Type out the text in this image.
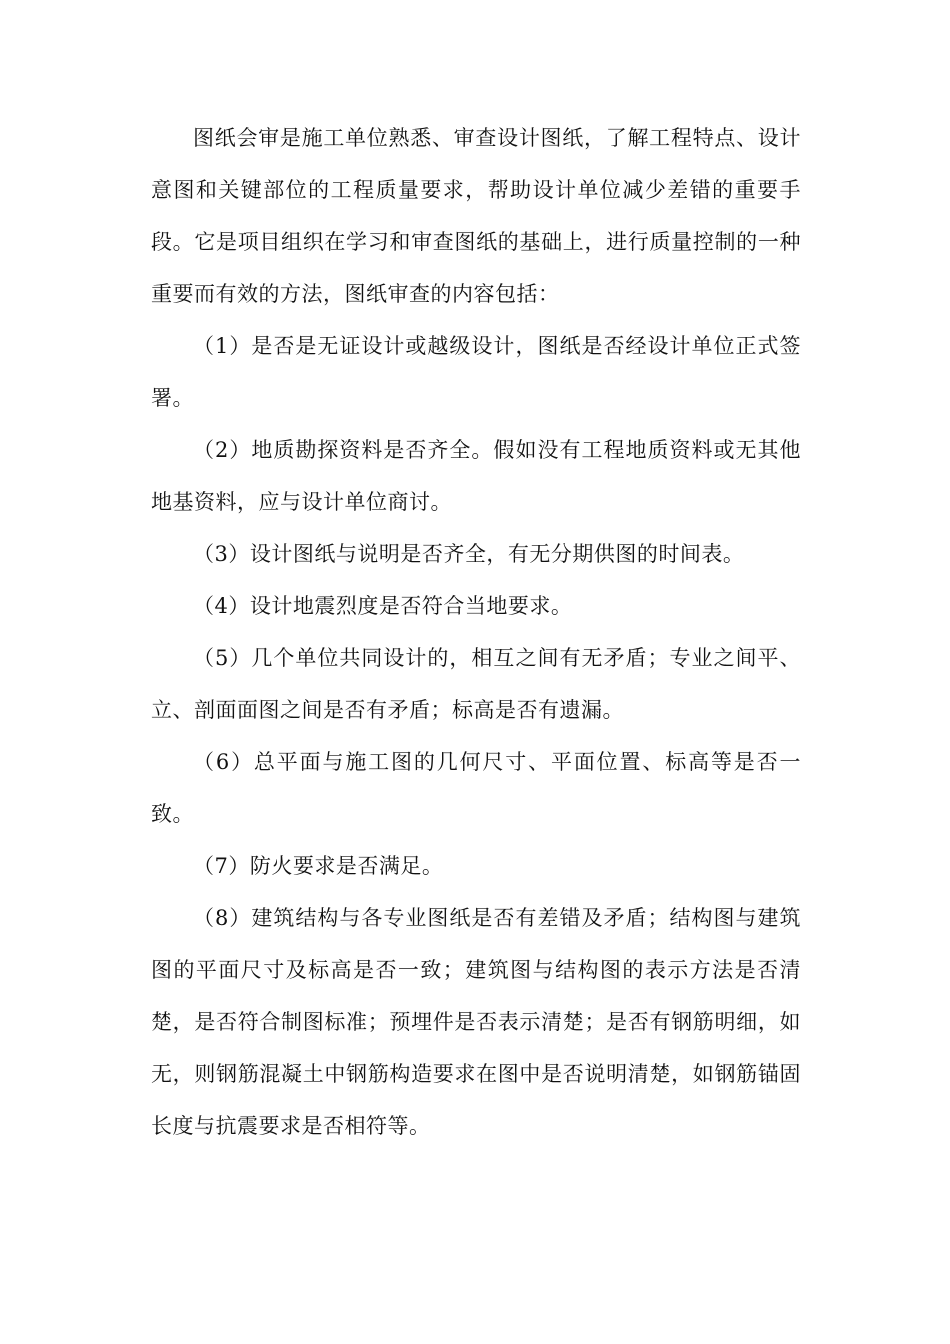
图纸会审是施工单位熟悉、审查设计图纸，了解工程特点、设计意图和关键部位的工程质量要求，帮助设计单位减少差错的重要手段。它是项目组织在学习和审查图纸的基础上，进行质量控制的一种重要而有效的方法，图纸审查的内容包括：

（1）是否是无证设计或越级设计，图纸是否经设计单位正式签署。

（2）地质勘探资料是否齐全。假如没有工程地质资料或无其他地基资料，应与设计单位商讨。

（3）设计图纸与说明是否齐全，有无分期供图的时间表。

（4）设计地震烈度是否符合当地要求。

（5）几个单位共同设计的，相互之间有无矛盾；专业之间平、立、剖面面图之间是否有矛盾；标高是否有遗漏。

（6）总平面与施工图的几何尺寸、平面位置、标高等是否一致。

（7）防火要求是否满足。

（8）建筑结构与各专业图纸是否有差错及矛盾；结构图与建筑图的平面尺寸及标高是否一致；建筑图与结构图的表示方法是否清楚，是否符合制图标准；预埋件是否表示清楚；是否有钢筋明细，如无，则钢筋混凝土中钢筋构造要求在图中是否说明清楚，如钢筋锚固长度与抗震要求是否相符等。
